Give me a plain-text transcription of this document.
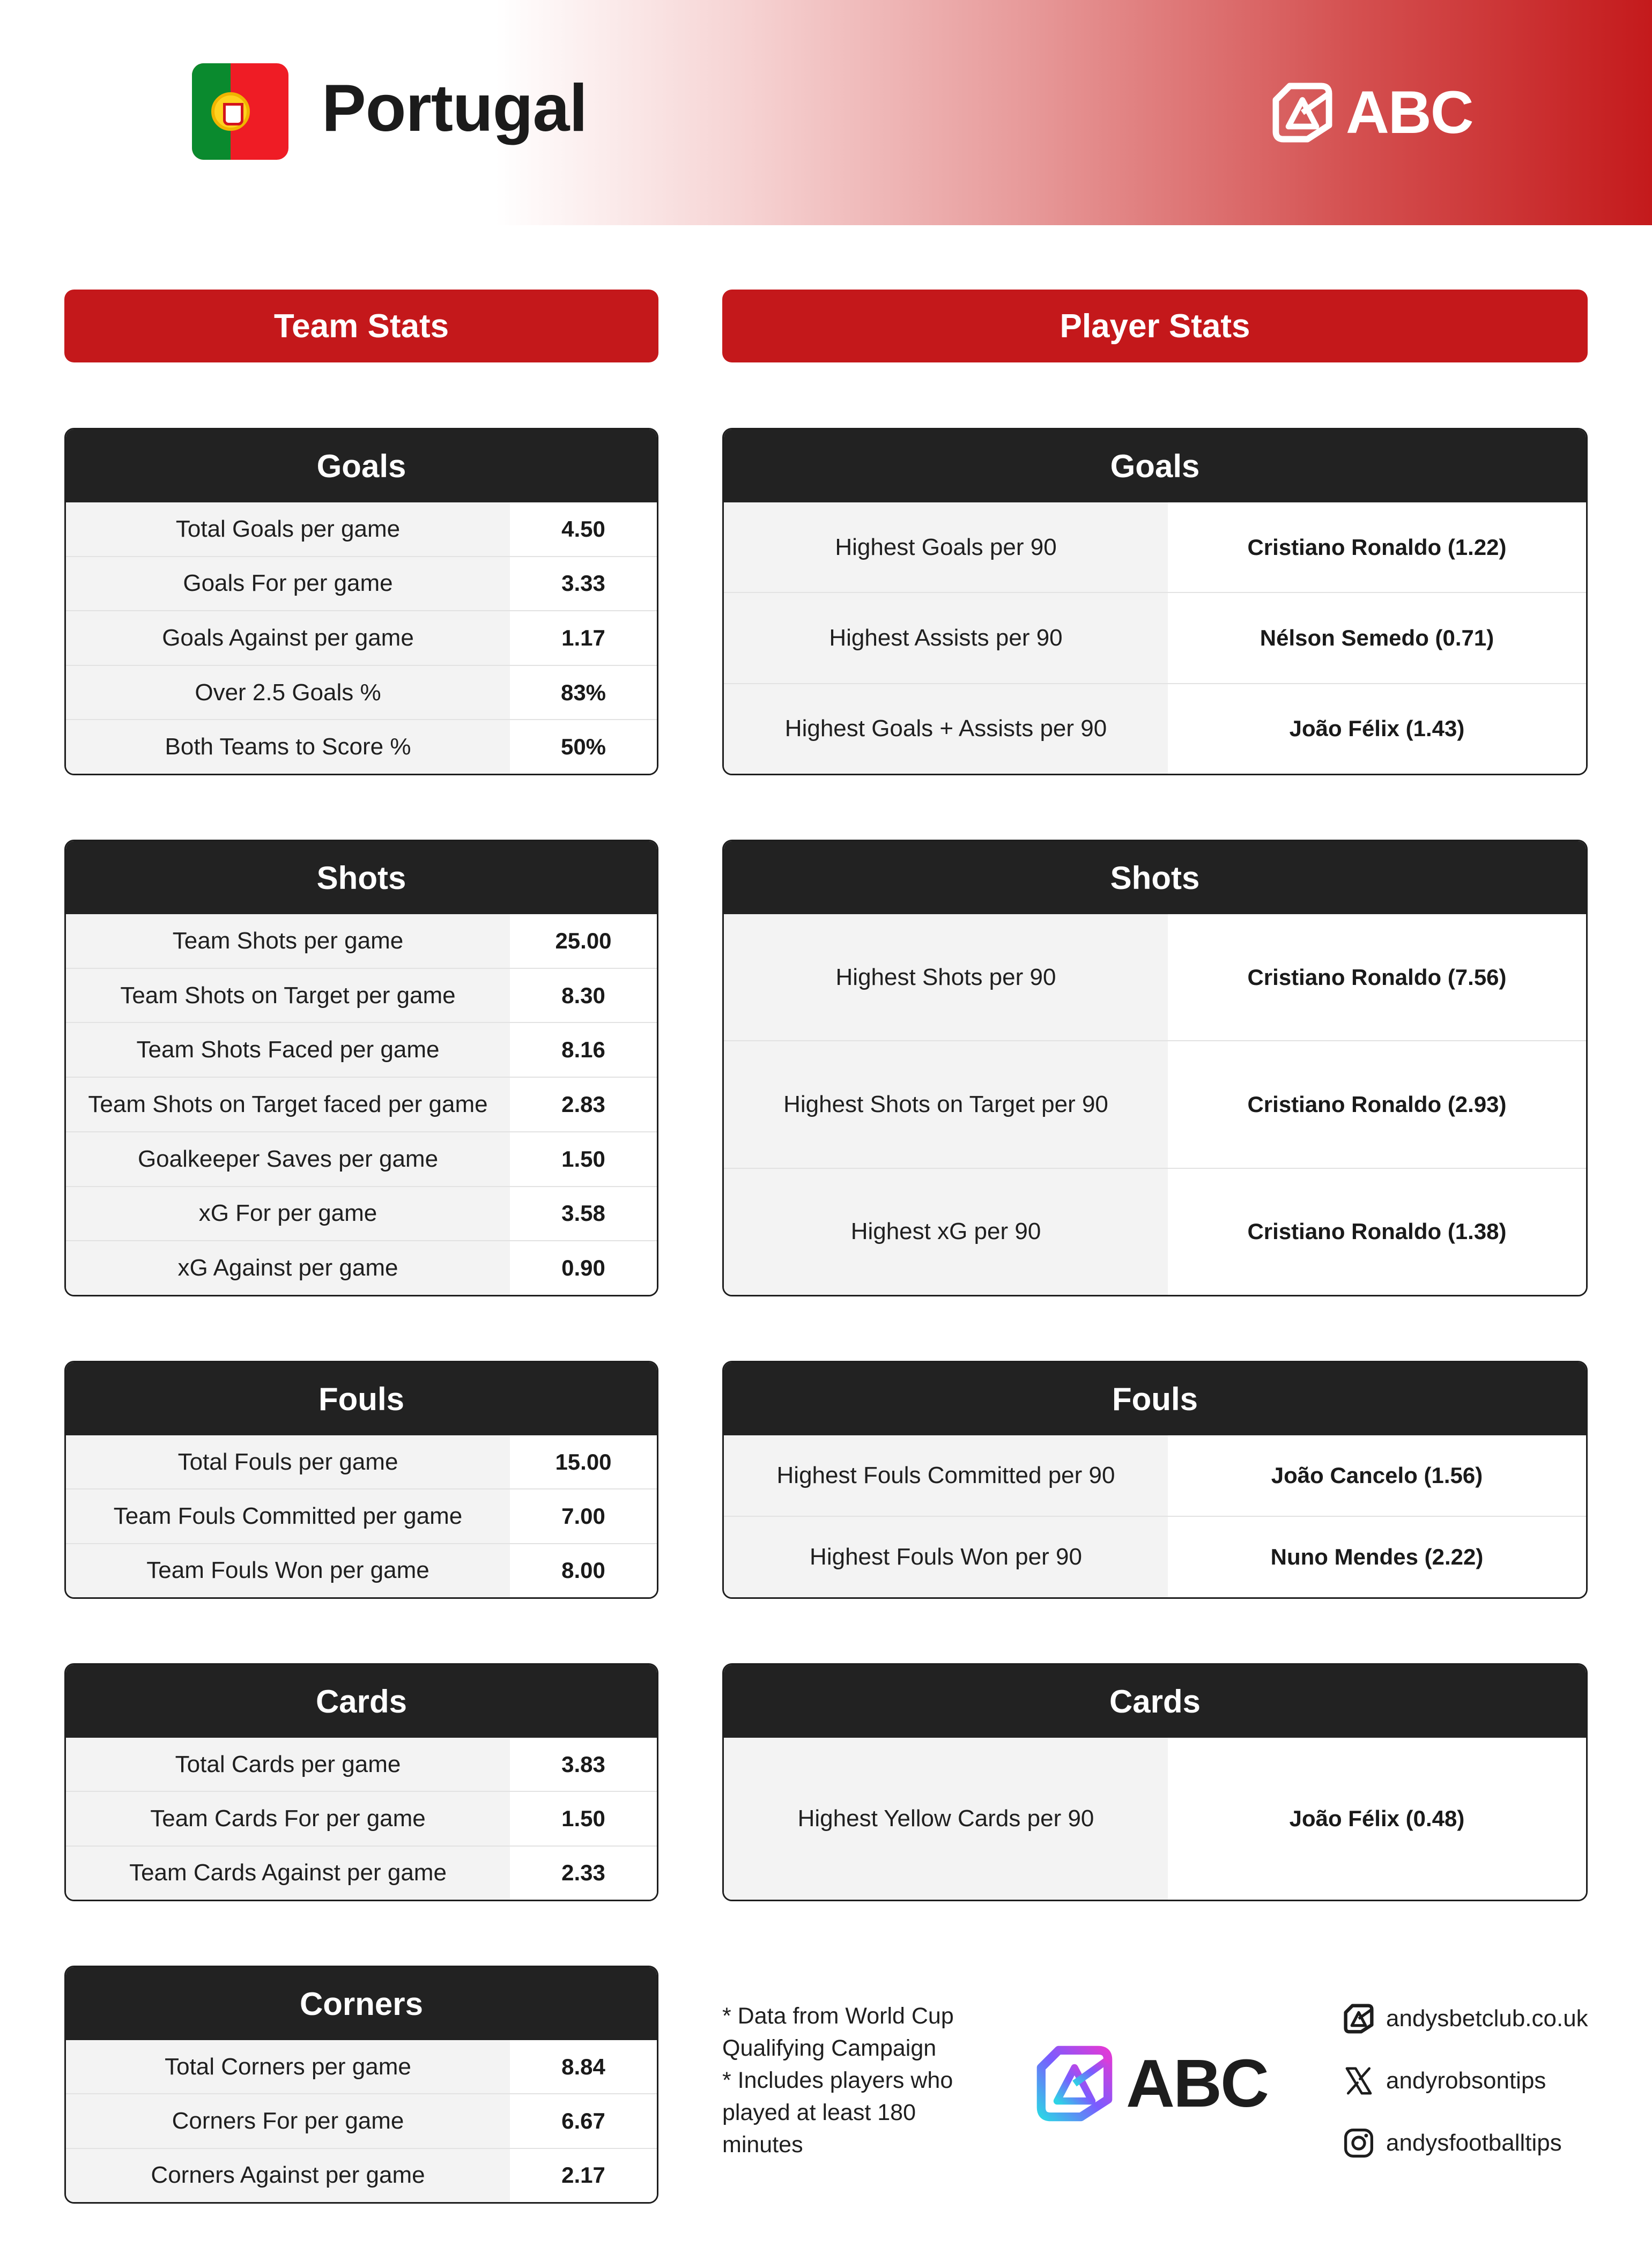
Portugal	ABC
Team Stats	Player Stats
Goals
Total Goals per game	4.50
Goals For per game	3.33
Goals Against per game	1.17
Over 2.5 Goals %	83%
Both Teams to Score %	50%
Shots
Team Shots per game	25.00
Team Shots on Target per game	8.30
Team Shots Faced per game	8.16
Team Shots on Target faced per game	2.83
Goalkeeper Saves per game	1.50
xG For per game	3.58
xG Against per game	0.90
Fouls
Total Fouls per game	15.00
Team Fouls Committed per game	7.00
Team Fouls Won per game	8.00
Cards
Total Cards per game	3.83
Team Cards For per game	1.50
Team Cards Against per game	2.33
Corners
Total Corners per game	8.84
Corners For per game	6.67
Corners Against per game	2.17
Goals
Highest Goals per 90	Cristiano Ronaldo (1.22)
Highest Assists per 90	Nélson Semedo (0.71)
Highest Goals + Assists per 90	João Félix (1.43)
Shots
Highest Shots per 90	Cristiano Ronaldo (7.56)
Highest Shots on Target per 90	Cristiano Ronaldo (2.93)
Highest xG per 90	Cristiano Ronaldo (1.38)
Fouls
Highest Fouls Committed per 90	João Cancelo (1.56)
Highest Fouls Won per 90	Nuno Mendes (2.22)
Cards
Highest Yellow Cards per 90	João Félix (0.48)

* Data from World Cup Qualifying Campaign

* Includes players who played at least 180 minutes

ABC
andysbetclub.co.uk
andyrobsontips
andysfootballtips
